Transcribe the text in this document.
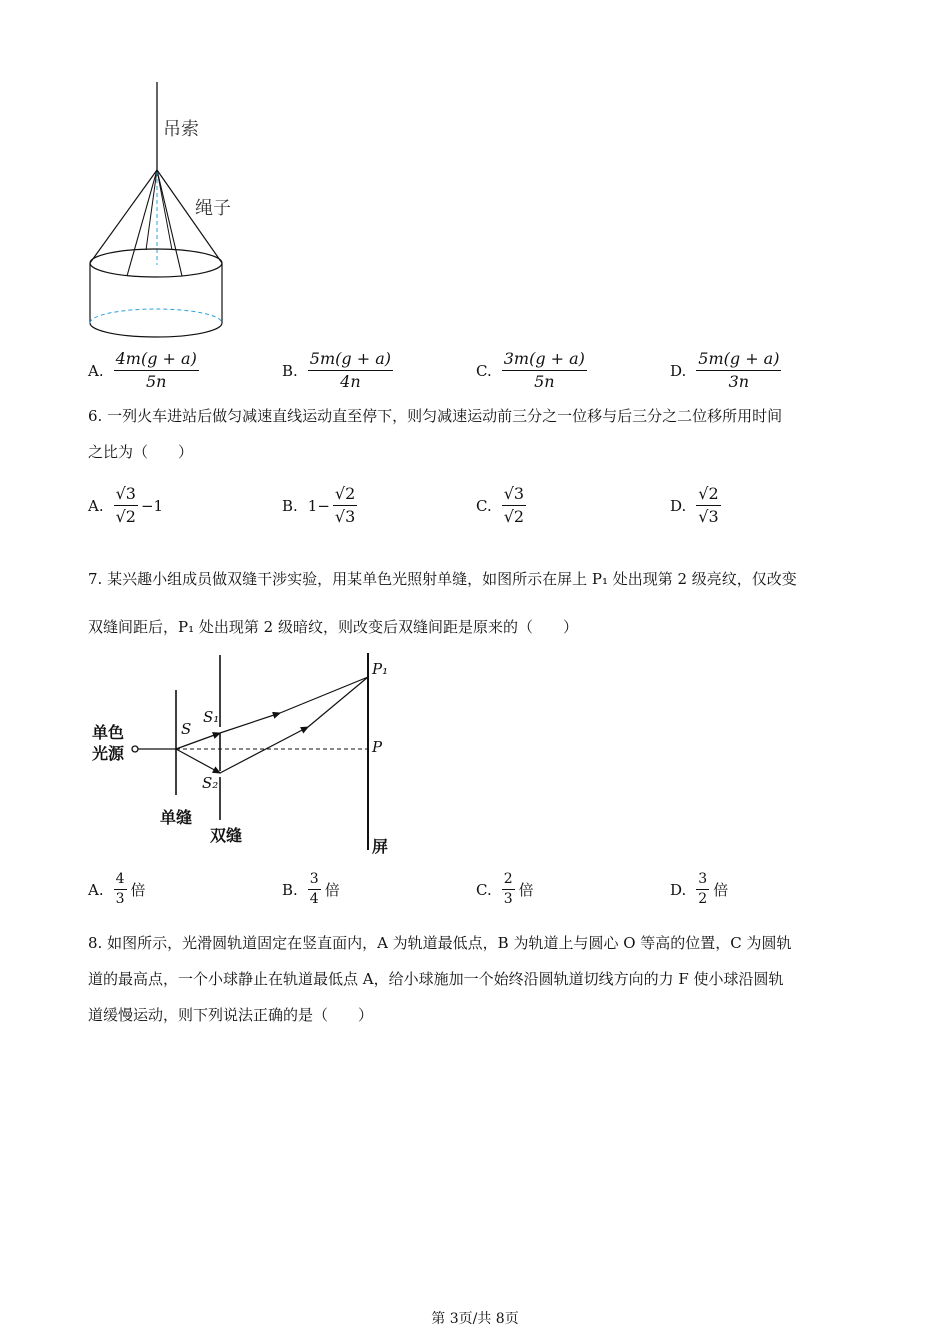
吊索
绳子
A. $\frac{4m(g + a)}{5n}$	B. $\frac{5m(g + a)}{4n}$	C. $\frac{3m(g + a)}{5n}$	D. $\frac{5m(g + a)}{3n}$
6. 一列火车进站后做匀减速直线运动直至停下，则匀减速运动前三分之一位移与后三分之二位移所用时间
之比为（　　）
A. $\frac{√3}{√2} -1$	B. $1- \frac{√2}{√3}$	C. $\frac{√3}{√2}$	D. $\frac{√2}{√3}$
7. 某兴趣小组成员做双缝干涉实验，用某单色光照射单缝，如图所示在屏上 P₁ 处出现第 2 级亮纹，仅改变
双缝间距后，P₁ 处出现第 2 级暗纹，则改变后双缝间距是原来的（　　）
单色
光源
单缝
双缝
屏
S
S₁
S₂
P
P₁
A. $\frac{4}{3}$ 倍	B. $\frac{3}{4}$ 倍	C. $\frac{2}{3}$ 倍	D. $\frac{3}{2}$ 倍
8. 如图所示，光滑圆轨道固定在竖直面内，A 为轨道最低点，B 为轨道上与圆心 O 等高的位置，C 为圆轨
道的最高点，一个小球静止在轨道最低点 A，给小球施加一个始终沿圆轨道切线方向的力 F 使小球沿圆轨
道缓慢运动，则下列说法正确的是（　　）
第 3页/共 8页
